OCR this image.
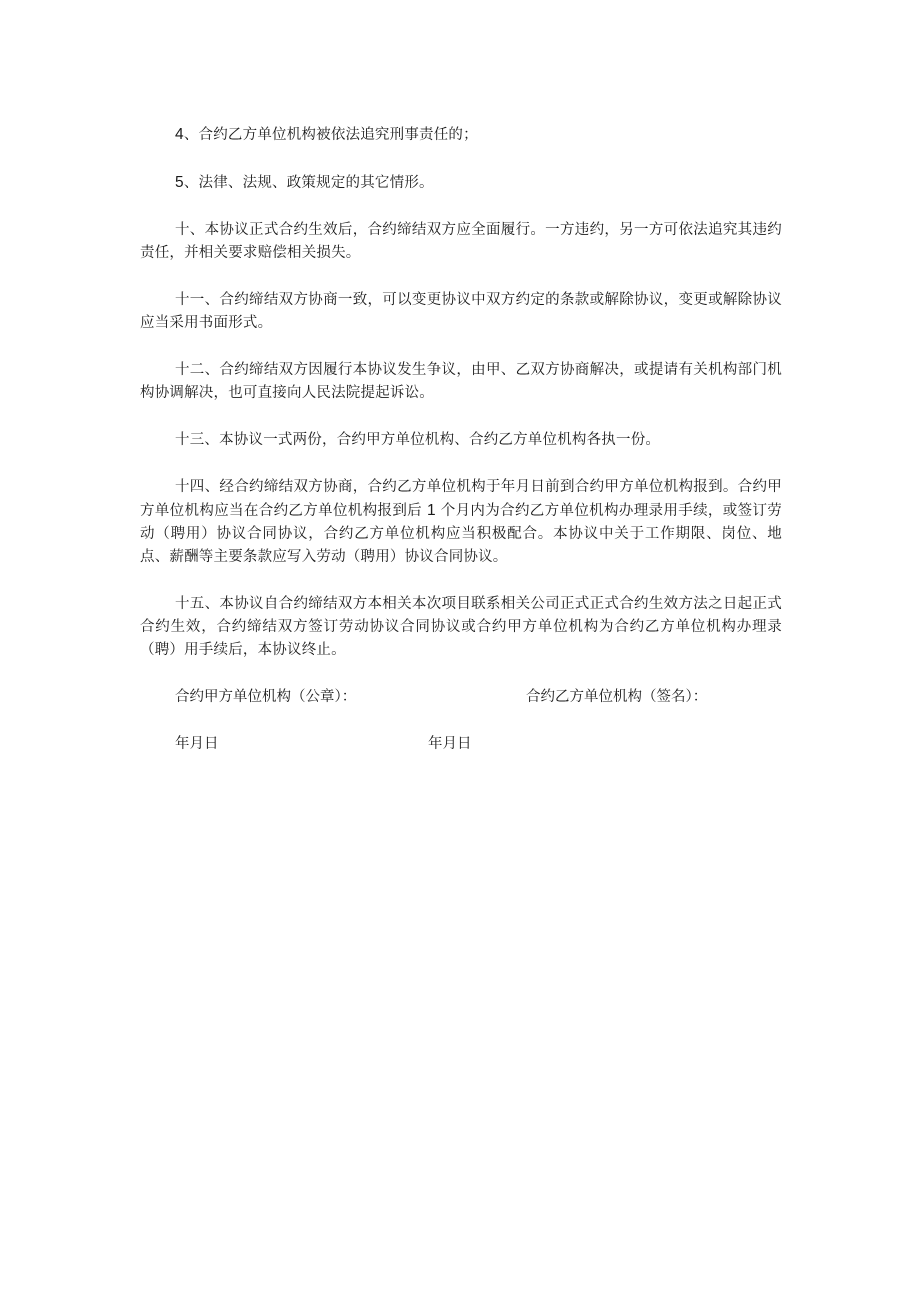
4、合约乙方单位机构被依法追究刑事责任的；

5、法律、法规、政策规定的其它情形。

十、本协议正式合约生效后，合约缔结双方应全面履行。一方违约，另一方可依法追究其违约责任，并相关要求赔偿相关损失。

十一、合约缔结双方协商一致，可以变更协议中双方约定的条款或解除协议，变更或解除协议应当采用书面形式。

十二、合约缔结双方因履行本协议发生争议，由甲、乙双方协商解决，或提请有关机构部门机构协调解决，也可直接向人民法院提起诉讼。

十三、本协议一式两份，合约甲方单位机构、合约乙方单位机构各执一份。

十四、经合约缔结双方协商，合约乙方单位机构于年月日前到合约甲方单位机构报到。合约甲方单位机构应当在合约乙方单位机构报到后 1 个月内为合约乙方单位机构办理录用手续，或签订劳动（聘用）协议合同协议，合约乙方单位机构应当积极配合。本协议中关于工作期限、岗位、地点、薪酬等主要条款应写入劳动（聘用）协议合同协议。

十五、本协议自合约缔结双方本相关本次项目联系相关公司正式正式合约生效方法之日起正式合约生效，合约缔结双方签订劳动协议合同协议或合约甲方单位机构为合约乙方单位机构办理录（聘）用手续后，本协议终止。

合约甲方单位机构（公章）：	合约乙方单位机构（签名）：
年月日	年月日
